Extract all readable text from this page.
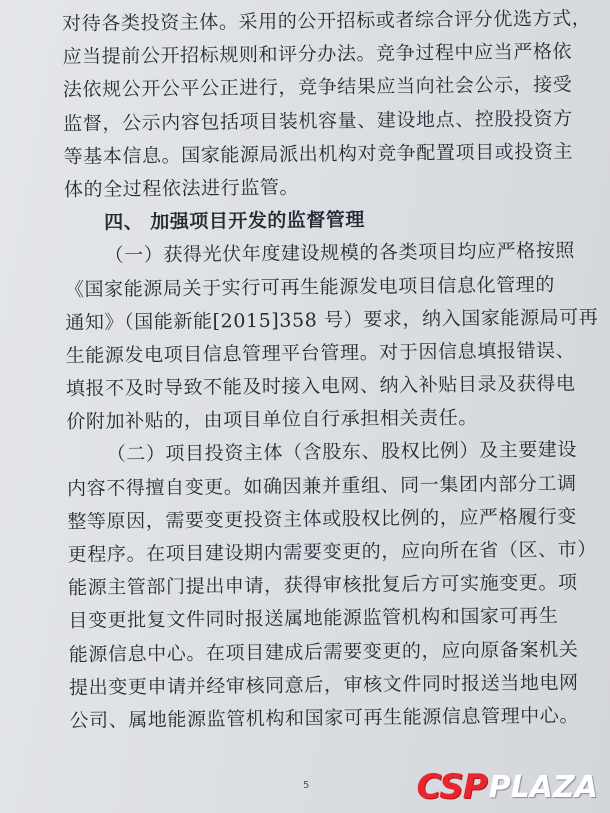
对待各类投资主体。采用的公开招标或者综合评分优选方式，
应当提前公开招标规则和评分办法。竞争过程中应当严格依
法依规公开公平公正进行，竞争结果应当向社会公示，接受
监督，公示内容包括项目装机容量、建设地点、控股投资方
等基本信息。国家能源局派出机构对竞争配置项目或投资主
体的全过程依法进行监管。
四、 加强项目开发的监督管理
（一）获得光伏年度建设规模的各类项目均应严格按照
《国家能源局关于实行可再生能源发电项目信息化管理的
通知》（国能新能[2015]358 号）要求，纳入国家能源局可再
生能源发电项目信息管理平台管理。对于因信息填报错误、
填报不及时导致不能及时接入电网、纳入补贴目录及获得电
价附加补贴的，由项目单位自行承担相关责任。
（二）项目投资主体（含股东、股权比例）及主要建设
内容不得擅自变更。如确因兼并重组、同一集团内部分工调
整等原因，需要变更投资主体或股权比例的，应严格履行变
更程序。在项目建设期内需要变更的，应向所在省（区、市）
能源主管部门提出申请，获得审核批复后方可实施变更。项
目变更批复文件同时报送属地能源监管机构和国家可再生
能源信息中心。在项目建成后需要变更的，应向原备案机关
提出变更申请并经审核同意后，审核文件同时报送当地电网
公司、属地能源监管机构和国家可再生能源信息管理中心。
5	CSP PLAZA
